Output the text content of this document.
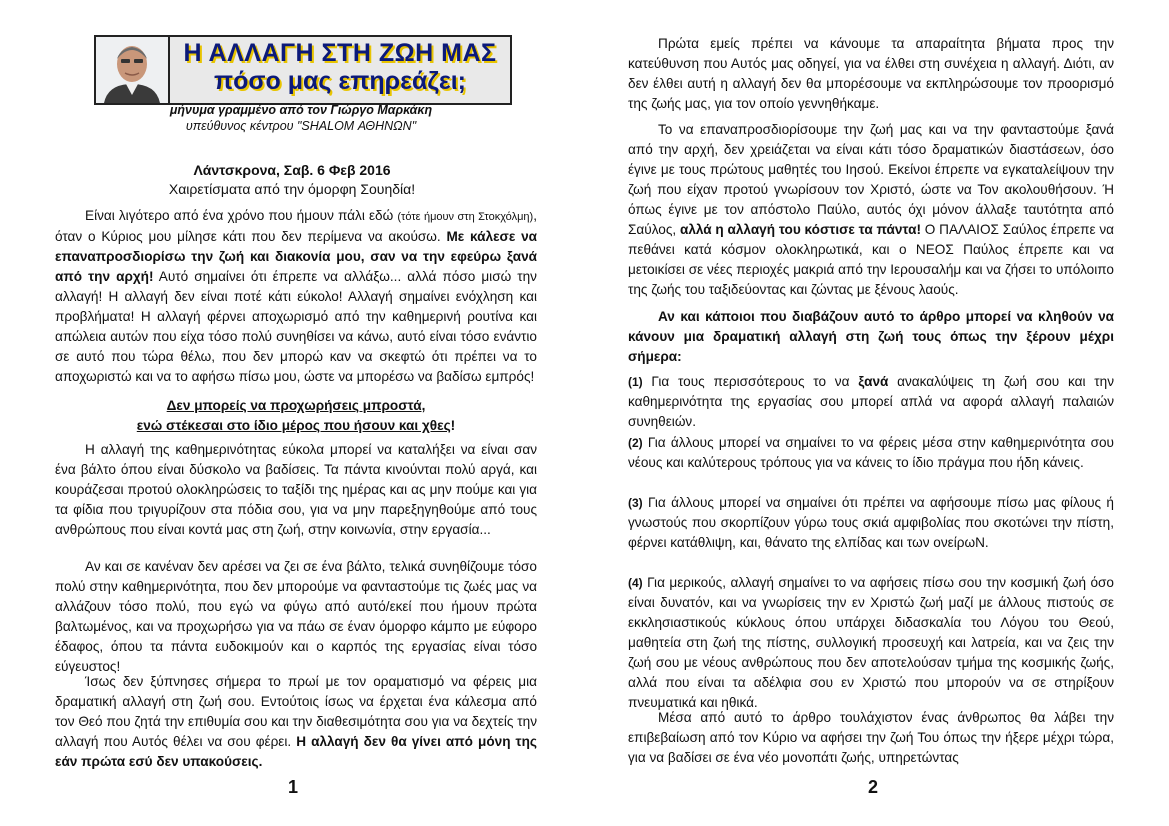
Η ΑΛΛΑΓΗ ΣΤΗ ΖΩΗ ΜΑΣ
πόσο μας επηρεάζει;
μήνυμα γραμμένο από τον Γιώργο Μαρκάκη
υπεύθυνος κέντρου "SHALOM ΑΘΗΝΩΝ"
Λάντσκρονα, Σαβ. 6 Φεβ 2016
Χαιρετίσματα από την όμορφη Σουηδία!
Είναι λιγότερο από ένα χρόνο που ήμουν πάλι εδώ (τότε ήμουν στη Στοκχόλμη), όταν ο Κύριος μου μίλησε κάτι που δεν περίμενα να ακούσω. Με κάλεσε να επαναπροσδιορίσω την ζωή και διακονία μου, σαν να την εφεύρω ξανά από την αρχή! Αυτό σημαίνει ότι έπρεπε να αλλάξω... αλλά πόσο μισώ την αλλαγή! Η αλλαγή δεν είναι ποτέ κάτι εύκολο! Αλλαγή σημαίνει ενόχληση και προβλήματα! Η αλλαγή φέρνει αποχωρισμό από την καθημερινή ρουτίνα και απώλεια αυτών που είχα τόσο πολύ συνηθίσει να κάνω, αυτό είναι τόσο ενάντιο σε αυτό που τώρα θέλω, που δεν μπορώ καν να σκεφτώ ότι πρέπει να το αποχωριστώ και να το αφήσω πίσω μου, ώστε να μπορέσω να βαδίσω εμπρός!
Δεν μπορείς να προχωρήσεις μπροστά,
ενώ στέκεσαι στο ίδιο μέρος που ήσουν και χθες!
Η αλλαγή της καθημερινότητας εύκολα μπορεί να καταλήξει να είναι σαν ένα βάλτο όπου είναι δύσκολο να βαδίσεις. Τα πάντα κινούνται πολύ αργά, και κουράζεσαι προτού ολοκληρώσεις το ταξίδι της ημέρας και ας μην πούμε και για τα φίδια που τριγυρίζουν στα πόδια σου, για να μην παρεξηγηθούμε από τους ανθρώπους που είναι κοντά μας στη ζωή, στην κοινωνία, στην εργασία...
Αν και σε κανέναν δεν αρέσει να ζει σε ένα βάλτο, τελικά συνηθίζουμε τόσο πολύ στην καθημερινότητα, που δεν μπορούμε να φανταστούμε τις ζωές μας να αλλάζουν τόσο πολύ, που εγώ να φύγω από αυτό/εκεί που ήμουν πρώτα βαλτωμένος, και να προχωρήσω για να πάω σε έναν όμορφο κάμπο με εύφορο έδαφος, όπου τα πάντα ευδοκιμούν και ο καρπός της εργασίας είναι τόσο εύγευστος!
Ίσως δεν ξύπνησες σήμερα το πρωί με τον οραματισμό να φέρεις μια δραματική αλλαγή στη ζωή σου. Εντούτοις ίσως να έρχεται ένα κάλεσμα από τον Θεό που ζητά την επιθυμία σου και την διαθεσιμότητα σου για να δεχτείς την αλλαγή που Αυτός θέλει να σου φέρει. Η αλλαγή δεν θα γίνει από μόνη της εάν πρώτα εσύ δεν υπακούσεις.
1
Πρώτα εμείς πρέπει να κάνουμε τα απαραίτητα βήματα προς την κατεύθυνση που Αυτός μας οδηγεί, για να έλθει στη συνέχεια η αλλαγή. Διότι, αν δεν έλθει αυτή η αλλαγή δεν θα μπορέσουμε να εκπληρώσουμε τον προορισμό της ζωής μας, για τον οποίο γεννηθήκαμε.
Το να επαναπροσδιορίσουμε την ζωή μας και να την φανταστούμε ξανά από την αρχή, δεν χρειάζεται να είναι κάτι τόσο δραματικών διαστάσεων, όσο έγινε με τους πρώτους μαθητές του Ιησού. Εκείνοι έπρεπε να εγκαταλείψουν την ζωή που είχαν προτού γνωρίσουν τον Χριστό, ώστε να Τον ακολουθήσουν. Ή όπως έγινε με τον απόστολο Παύλο, αυτός όχι μόνον άλλαξε ταυτότητα από Σαύλος, αλλά η αλλαγή του κόστισε τα πάντα! Ο ΠΑΛΑΙΟΣ Σαύλος έπρεπε να πεθάνει κατά κόσμον ολοκληρωτικά, και ο ΝΕΟΣ Παύλος έπρεπε και να μετοικίσει σε νέες περιοχές μακριά από την Ιερουσαλήμ και να ζήσει το υπόλοιπο της ζωής του ταξιδεύοντας και ζώντας με ξένους λαούς.
Αν και κάποιοι που διαβάζουν αυτό το άρθρο μπορεί να κληθούν να κάνουν μια δραματική αλλαγή στη ζωή τους όπως την ξέρουν μέχρι σήμερα:
(1) Για τους περισσότερους το να ξανά ανακαλύψεις τη ζωή σου και την καθημερινότητα της εργασίας σου μπορεί απλά να αφορά αλλαγή παλαιών συνηθειών.
(2) Για άλλους μπορεί να σημαίνει το να φέρεις μέσα στην καθημερινότητα σου νέους και καλύτερους τρόπους για να κάνεις το ίδιο πράγμα που ήδη κάνεις.
(3) Για άλλους μπορεί να σημαίνει ότι πρέπει να αφήσουμε πίσω μας φίλους ή γνωστούς που σκορπίζουν γύρω τους σκιά αμφιβολίας που σκοτώνει την πίστη, φέρνει κατάθλιψη, και, θάνατο της ελπίδας και των ονείρωΝ.
(4) Για μερικούς, αλλαγή σημαίνει το να αφήσεις πίσω σου την κοσμική ζωή όσο είναι δυνατόν, και να γνωρίσεις την εν Χριστώ ζωή μαζί με άλλους πιστούς σε εκκλησιαστικούς κύκλους όπου υπάρχει διδασκαλία του Λόγου του Θεού, μαθητεία στη ζωή της πίστης, συλλογική προσευχή και λατρεία, και να ζεις την ζωή σου με νέους ανθρώπους που δεν αποτελούσαν τμήμα της κοσμικής ζωής, αλλά που είναι τα αδέλφια σου εν Χριστώ που μπορούν να σε στηρίξουν πνευματικά και ηθικά.
Μέσα από αυτό το άρθρο τουλάχιστον ένας άνθρωπος θα λάβει την επιβεβαίωση από τον Κύριο να αφήσει την ζωή Του όπως την ήξερε μέχρι τώρα, για να βαδίσει σε ένα νέο μονοπάτι ζωής, υπηρετώντας
2
